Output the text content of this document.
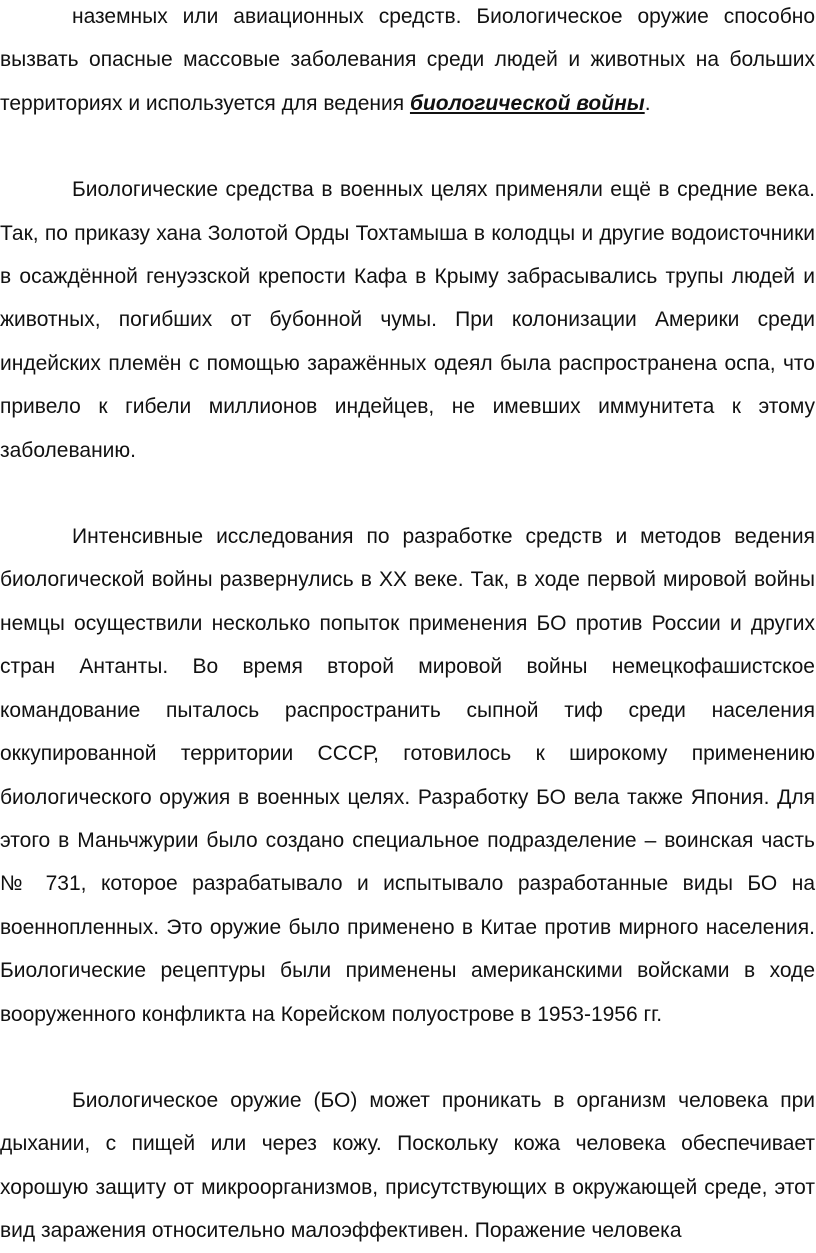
наземных или авиационных средств. Биологическое оружие способно вызвать опасные массовые заболевания среди людей и животных на больших территориях и используется для ведения биологической войны.

Биологические средства в военных целях применяли ещё в средние века. Так, по приказу хана Золотой Орды Тохтамыша в колодцы и другие водоисточники в осаждённой генуэзской крепости Кафа в Крыму забрасывались трупы людей и животных, погибших от бубонной чумы. При колонизации Америки среди индейских племён с помощью заражённых одеял была распространена оспа, что привело к гибели миллионов индейцев, не имевших иммунитета к этому заболеванию.

Интенсивные исследования по разработке средств и методов ведения биологической войны развернулись в XX веке. Так, в ходе первой мировой войны немцы осуществили несколько попыток применения БО против России и других стран Антанты. Во время второй мировой войны немецкофашистское командование пыталось распространить сыпной тиф среди населения оккупированной территории СССР, готовилось к широкому применению биологического оружия в военных целях. Разработку БО вела также Япония. Для этого в Маньчжурии было создано специальное подразделение – воинская часть № 731, которое разрабатывало и испытывало разработанные виды БО на военнопленных. Это оружие было применено в Китае против мирного населения. Биологические рецептуры были применены американскими войсками в ходе вооруженного конфликта на Корейском полуострове в 1953-1956 гг.

Биологическое оружие (БО) может проникать в организм человека при дыхании, с пищей или через кожу. Поскольку кожа человека обеспечивает хорошую защиту от микроорганизмов, присутствующих в окружающей среде, этот вид заражения относительно малоэффективен. Поражение человека
